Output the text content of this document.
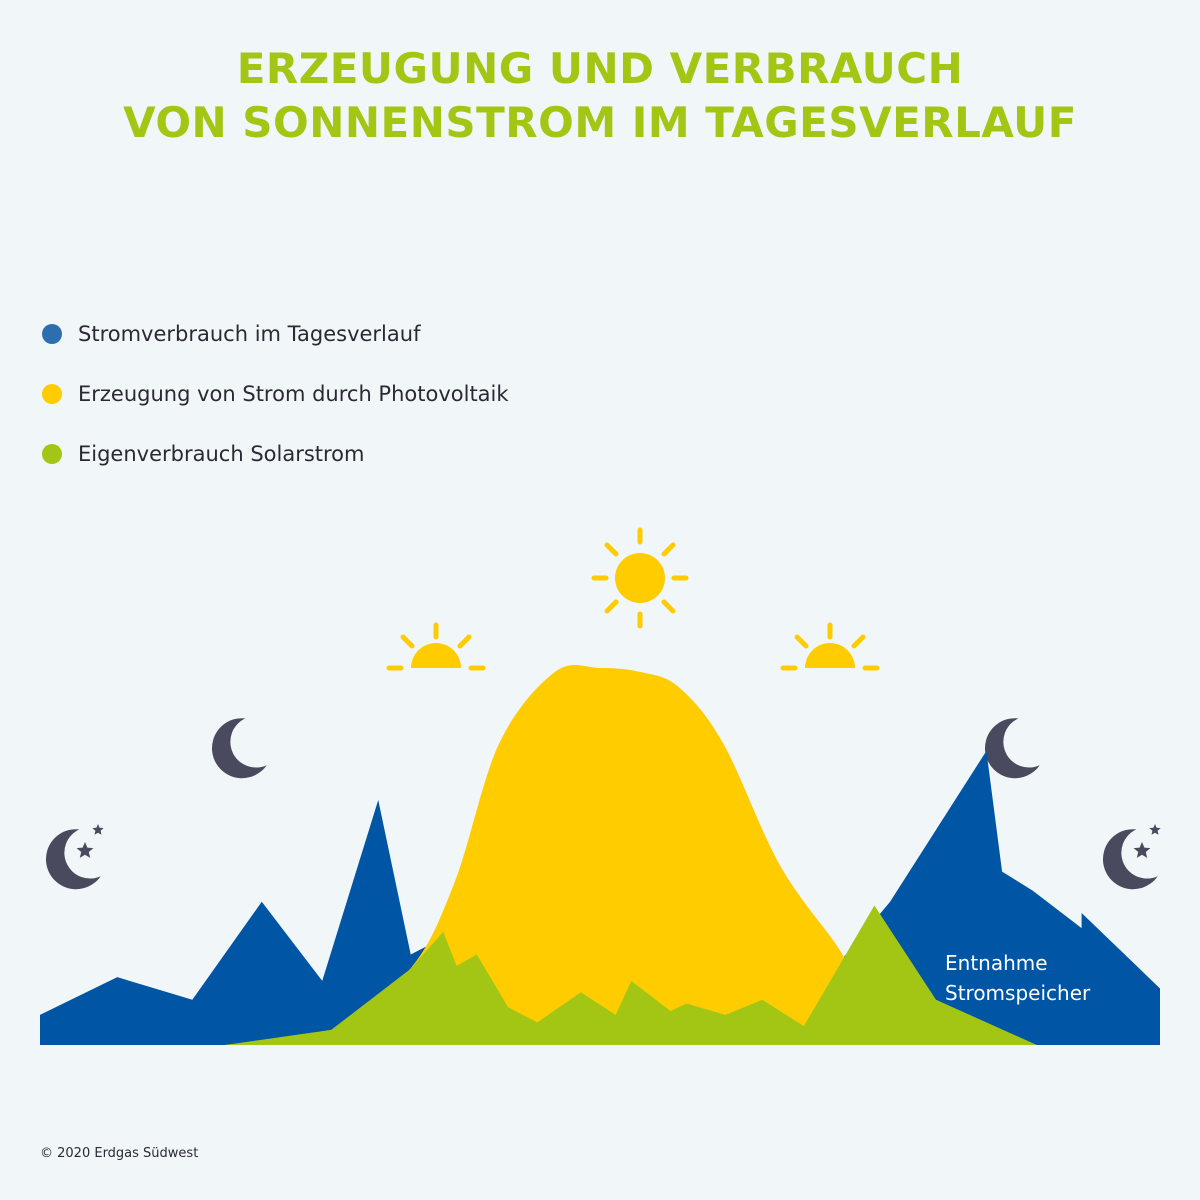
ERZEUGUNG UND VERBRAUCH
VON SONNENSTROM IM TAGESVERLAUF
Stromverbrauch im Tagesverlauf
Erzeugung von Strom durch Photovoltaik
Eigenverbrauch Solarstrom
Entnahme
Stromspeicher
© 2020 Erdgas Südwest
